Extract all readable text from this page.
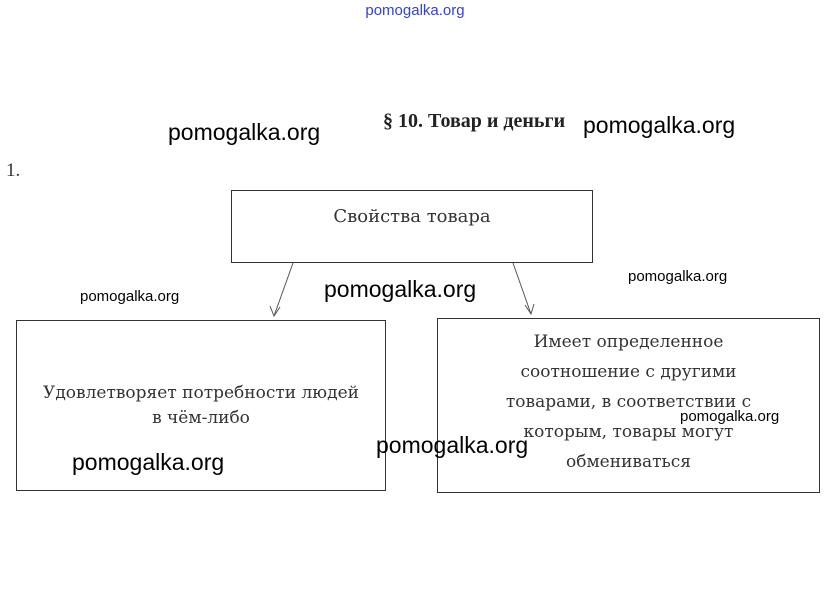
pomogalka.org
§ 10. Товар и деньги
1.
Свойства товара
Удовлетворяет потребности людей
в чём-либо
Имеет определенное
соотношение с другими
товарами, в соответствии с
которым, товары могут
обмениваться
pomogalka.org	pomogalka.org
pomogalka.org
pomogalka.org
pomogalka.org
pomogalka.org
pomogalka.org
pomogalka.org
